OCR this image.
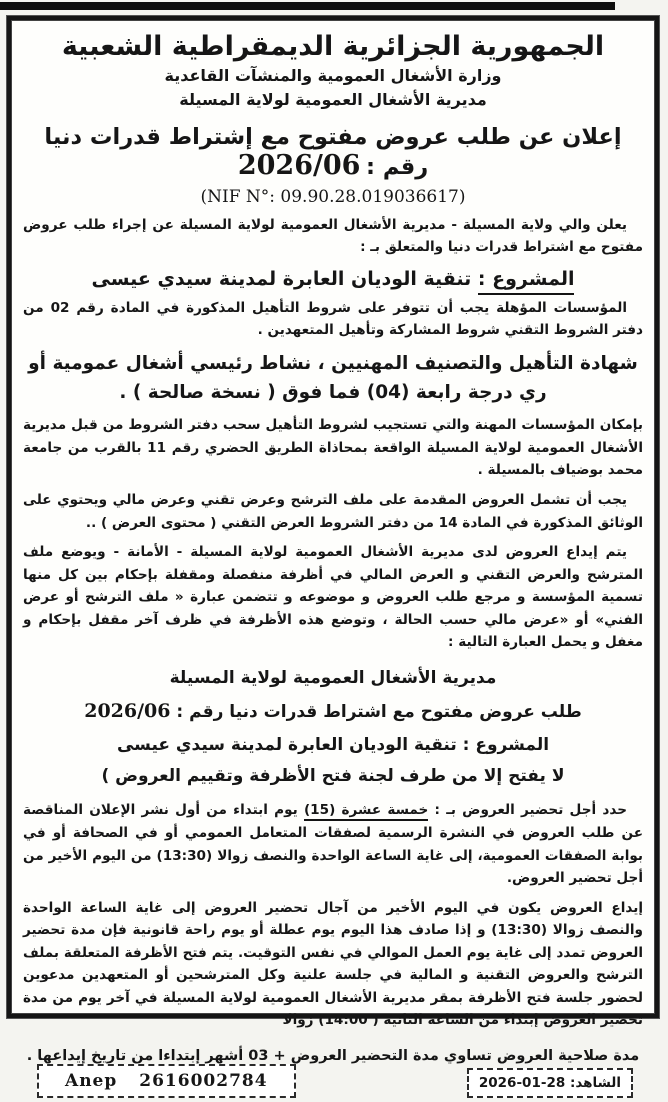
الجمهورية الجزائرية الديمقراطية الشعبية
وزارة الأشغال العمومية والمنشآت القاعدية
مديرية الأشغال العمومية لولاية المسيلة
إعلان عن طلب عروض مفتوح مع إشتراط قدرات دنيا رقم : 2026/06
(NIF N°: 09.90.28.019036617)

يعلن والي ولاية المسيلة - مديرية الأشغال العمومية لولاية المسيلة عن إجراء طلب عروض مفتوح مع اشتراط قدرات دنيا والمتعلق بـ :

المشروع : تنقية الوديان العابرة لمدينة سيدي عيسى

المؤسسات المؤهلة يجب أن تتوفر على شروط التأهيل المذكورة في المادة رقم 02 من دفتر الشروط التقني شروط المشاركة وتأهيل المتعهدين .

شهادة التأهيل والتصنيف المهنيين ، نشاط رئيسي أشغال عمومية أو ري درجة رابعة (04) فما فوق ( نسخة صالحة ) .

بإمكان المؤسسات المهنة والتي تستجيب لشروط التأهيل سحب دفتر الشروط من قبل مديرية الأشغال العمومية لولاية المسيلة الواقعة بمحاذاة الطريق الحضري رقم 11 بالقرب من جامعة محمد بوضياف بالمسيلة .

يجب أن تشمل العروض المقدمة على ملف الترشح وعرض تقني وعرض مالي ويحتوي على الوثائق المذكورة في المادة 14 من دفتر الشروط العرض التقني ( محتوى العرض ) ..

يتم إيداع العروض لدى مديرية الأشغال العمومية لولاية المسيلة - الأمانة - ويوضع ملف المترشح والعرض التقني و العرض المالي في أظرفة منفصلة ومقفلة بإحكام بين كل منها تسمية المؤسسة و مرجع طلب العروض و موضوعه و تتضمن عبارة « ملف الترشح أو عرض الفني» أو «عرض مالي حسب الحالة ، وتوضع هذه الأظرفة في ظرف آخر مقفل بإحكام و مغفل و يحمل العبارة التالية :

مديرية الأشغال العمومية لولاية المسيلة
طلب عروض مفتوح مع اشتراط قدرات دنيا رقم : 2026/06
المشروع : تنقية الوديان العابرة لمدينة سيدي عيسى
لا يفتح إلا من طرف لجنة فتح الأظرفة وتقييم العروض )

حدد أجل تحضير العروض بـ : خمسة عشرة (15) يوم ابتداء من أول نشر الإعلان المناقصة عن طلب العروض في النشرة الرسمية لصفقات المتعامل العمومي أو في الصحافة أو في بوابة الصفقات العمومية، إلى غاية الساعة الواحدة والنصف زوالا (13:30) من اليوم الأخير من أجل تحضير العروض.

إيداع العروض يكون في اليوم الأخير من آجال تحضير العروض إلى غاية الساعة الواحدة والنصف زوالا (13:30) و إذا صادف هذا اليوم يوم عطلة أو يوم راحة قانونية فإن مدة تحضير العروض تمدد إلى غاية يوم العمل الموالي في نفس التوقيت. يتم فتح الأظرفة المتعلقة بملف الترشح والعروض التقنية و المالية في جلسة علنية وكل المترشحين أو المتعهدين مدعوين لحضور جلسة فتح الأظرفة بمقر مديرية الأشغال العمومية لولاية المسيلة في آخر يوم من مدة تحضير العروض إبتداء من الساعة الثانية ( 14:00) زوالا

مدة صلاحية العروض تساوي مدة التحضير العروض + 03 أشهر إبتداءا من تاريخ إيداعها .
الشاهد: 2026-01-28
Anep 2616002784
